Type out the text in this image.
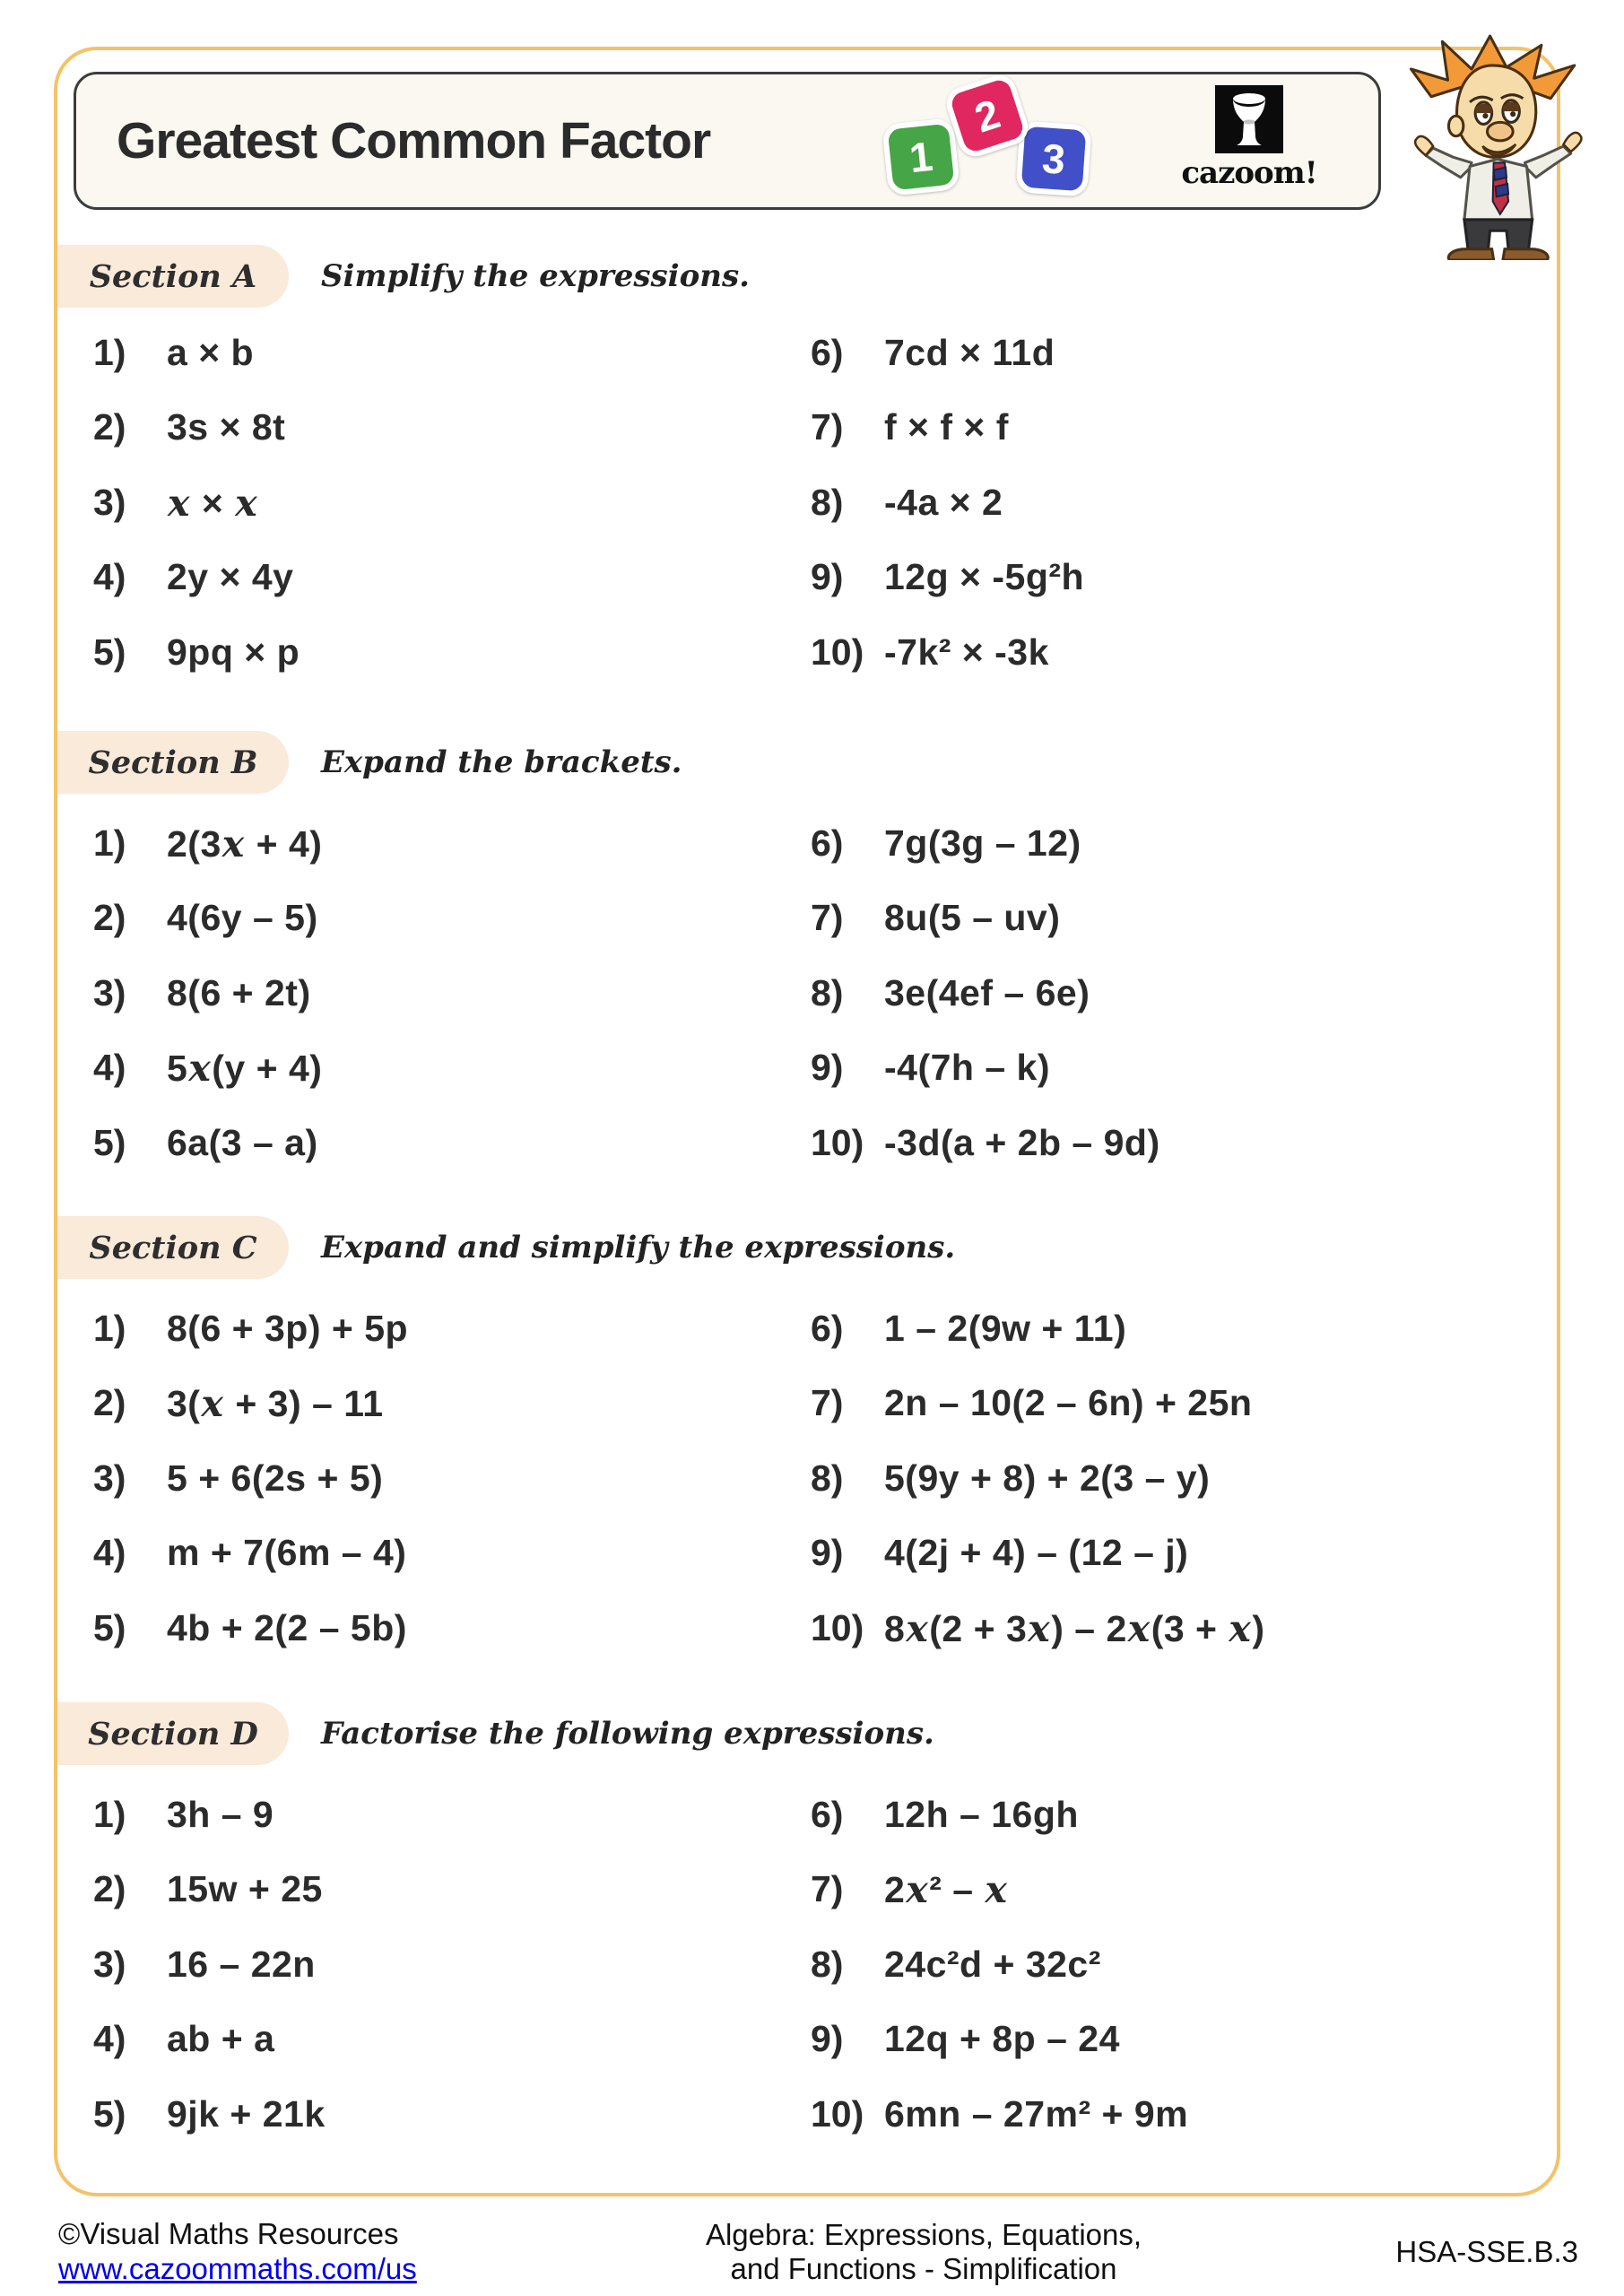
Greatest Common Factor	1
2
3	cazoom!
Section A Simplify the expressions.
1)	a × b
2)	3s × 8t
3)	x × x
4)	2y × 4y
5)	9pq × p
6)	7cd × 11d
7)	f × f × f
8)	-4a × 2
9)	12g × -5g²h
10) -7k² × -3k
Section B Expand the brackets.
1)	2(3x + 4)
2)	4(6y – 5)
3)	8(6 + 2t)
4)	5x(y + 4)
5)	6a(3 – a)
6)	7g(3g – 12)
7)	8u(5 – uv)
8)	3e(4ef – 6e)
9)	-4(7h – k)
10) -3d(a + 2b – 9d)
Section C Expand and simplify the expressions.
1)	8(6 + 3p) + 5p
2)	3(x + 3) – 11
3)	5 + 6(2s + 5)
4)	m + 7(6m – 4)
5)	4b + 2(2 – 5b)
6)	1 – 2(9w + 11)
7)	2n – 10(2 – 6n) + 25n
8)	5(9y + 8) + 2(3 – y)
9)	4(2j + 4) – (12 – j)
10) 8x(2 + 3x) – 2x(3 + x)
Section D Factorise the following expressions.
1)	3h – 9
2)	15w + 25
3)	16 – 22n
4)	ab + a
5)	9jk + 21k
6)	12h – 16gh
7)	2x² – x
8)	24c²d + 32c²
9)	12q + 8p – 24
10) 6mn – 27m² + 9m
©Visual Maths Resources
www.cazoommaths.com/us
Algebra: Expressions, Equations,
and Functions - Simplification
HSA-SSE.B.3
